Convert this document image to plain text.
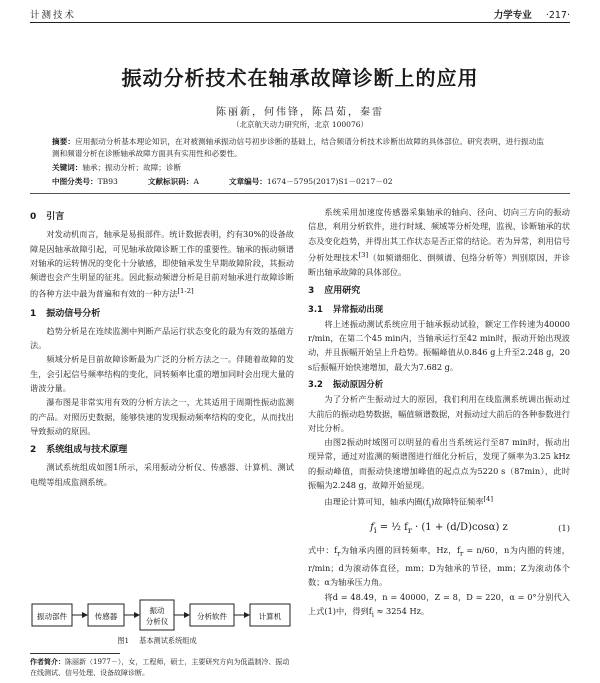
计测技术	力学专业 ·217·
振动分析技术在轴承故障诊断上的应用
陈丽新，何伟锋，陈昌茹，秦雷
（北京航天动力研究所，北京 100076）
摘要：应用振动分析基本理论知识，在对被测轴承振动信号初步诊断的基础上，结合频谱分析技术诊断出故障的具体部位。研究表明，进行振动监测和频谱分析在诊断轴承故障方面具有实用性和必要性。
关键词：轴承；振动分析；故障；诊断
中图分类号：TB93	文献标识码：A	文章编号：1674－5795(2017)S1－0217－02
0 引言

对发动机而言，轴承是易损部件。统计数据表明，约有30%的设备故障是因轴承故障引起，可见轴承故障诊断工作的重要性。轴承的振动频谱对轴承的运转情况的变化十分敏感，即使轴承发生早期故障阶段，其振动频谱也会产生明显的征兆。因此振动频谱分析是目前对轴承进行故障诊断的各种方法中最为普遍和有效的一种方法[1-2]

1 振动信号分析

趋势分析是在连续监测中判断产品运行状态变化的最为有效的基础方法。

频域分析是目前故障诊断最为广泛的分析方法之一。伴随着故障的发生，会引起信号频率结构的变化，同转频率比重的增加同时会出现大量的谐波分量。

瀑布图是非常实用有效的分析方法之一，尤其适用于周期性振动监测的产品。对照历史数据，能够快速的发现振动频率结构的变化，从而找出导致振动的原因。

2 系统组成与技术原理

测试系统组成如图1所示，采用振动分析仪、传感器、计算机、测试电缆等组成监测系统。

振动部件	传感器
振动
分析仪
分析软件	计算机
图1 基本测试系统组成
作者简介：陈丽新（1977－），女，工程师，硕士，主要研究方向为低温制冷、振动在线测试、信号处理、设备故障诊断。

系统采用加速度传感器采集轴承的轴向、径向、切向三方向的振动信息，利用分析软件，进行时域、频域等分析处理，监视、诊断轴承的状态及变化趋势，并得出其工作状态是否正常的结论。若为异常，利用信号分析处理技术[3]（如频谱细化、倒频谱、包络分析等）判别原因，并诊断出轴承故障的具体部位。

3 应用研究
3.1 异常振动出现

将上述振动测试系统应用于轴承振动试验，额定工作转速为40000 r/min，在第二个45 min内，当轴承运行至42 min时，振动开始出现波动，并且振幅开始呈上升趋势。振幅峰值从0.846 g上升至2.248 g，20 s后振幅开始快速增加，最大为7.682 g。

3.2 振动原因分析

为了分析产生振动过大的原因，我们利用在线监测系统调出振动过大前后的振动趋势数据，幅值频谱数据，对振动过大前后的各种参数进行对比分析。

由图2振动时域图可以明显的看出当系统运行至87 min时，振动出现异常，通过对监测的频谱图进行细化分析后，发现了频率为3.25 kHz的振动峰值，而振动快速增加峰值的起点点为5220 s（87min），此时振幅为2.248 g，故障开始显现。

由理论计算可知，轴承内圈$(f_i)$故障特征频率[4]

$f_i$ = ½ $f_r \cdot (1 + (d/D)\cos\alpha)$ z	(1)

式中：$f_r$为轴承内圈的回转频率，Hz，$f_r = n/60$，n为内圈的转速，r/min；d为滚动体直径，mm；D为轴承的节径，mm；Z为滚动体个数；α为轴承压力角。

将d = 48.49，n = 40000，Z = 8，D = 220，α = 0°分别代入上式(1)中，得到$f_i \approx 3254$ Hz。
